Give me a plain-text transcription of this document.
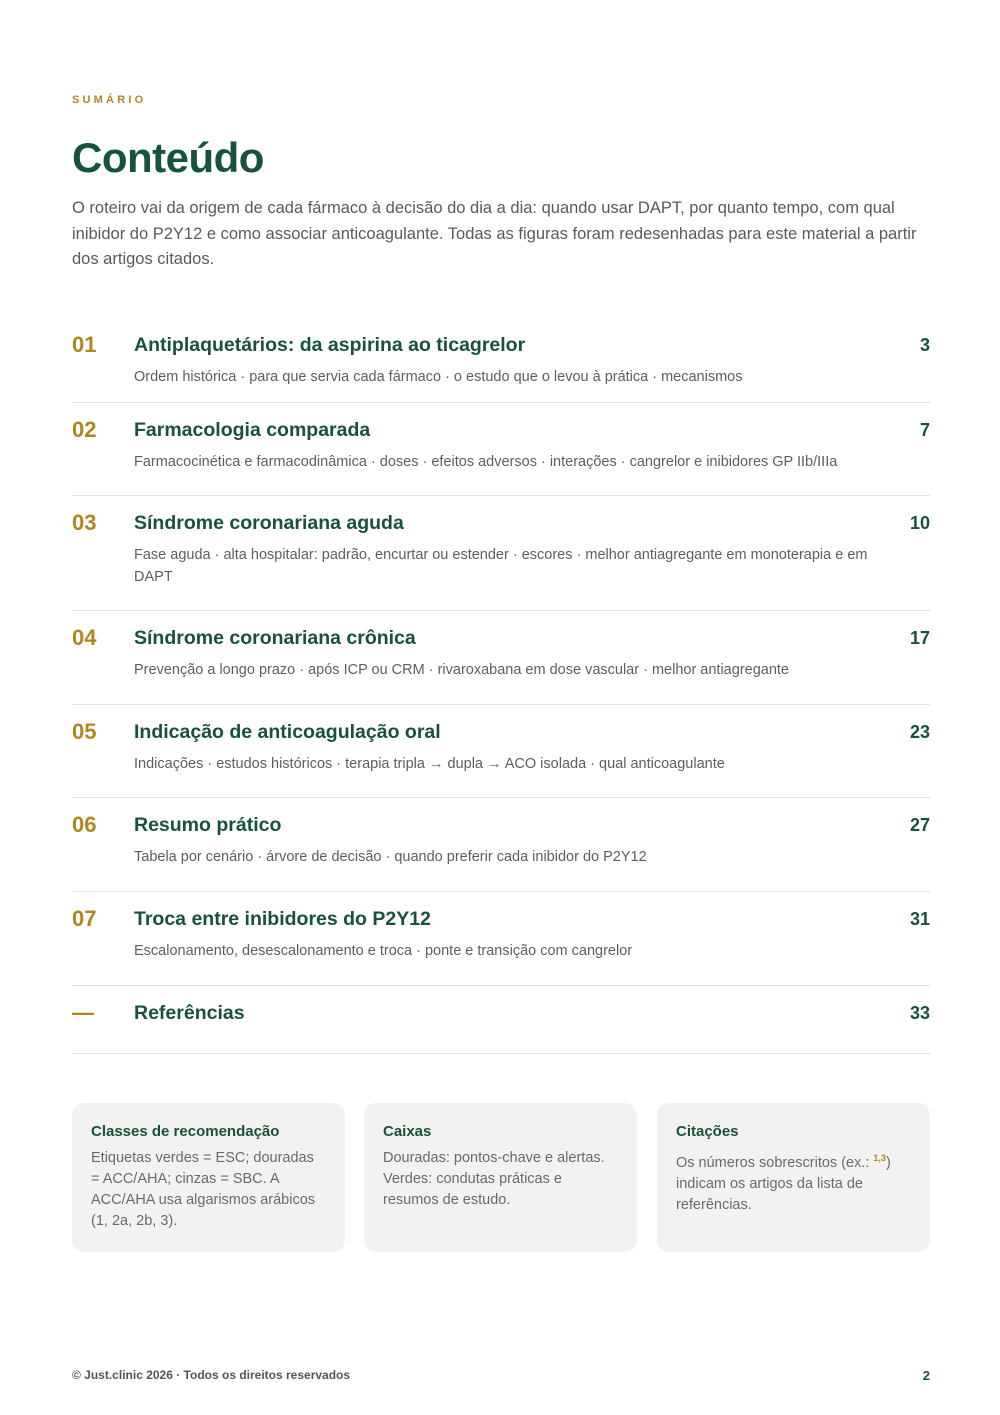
SUMÁRIO
Conteúdo

O roteiro vai da origem de cada fármaco à decisão do dia a dia: quando usar DAPT, por quanto tempo, com qual inibidor do P2Y12 e como associar anticoagulante. Todas as figuras foram redesenhadas para este material a partir dos artigos citados.

01 Antiplaquetários: da aspirina ao ticagrelor
Ordem histórica · para que servia cada fármaco · o estudo que o levou à prática · mecanismos
3
02 Farmacologia comparada
Farmacocinética e farmacodinâmica · doses · efeitos adversos · interações · cangrelor e inibidores GP IIb/IIIa
7
03 Síndrome coronariana aguda
Fase aguda · alta hospitalar: padrão, encurtar ou estender · escores · melhor antiagregante em monoterapia e em DAPT
10
04 Síndrome coronariana crônica
Prevenção a longo prazo · após ICP ou CRM · rivaroxabana em dose vascular · melhor antiagregante
17
05 Indicação de anticoagulação oral
Indicações · estudos históricos · terapia tripla → dupla → ACO isolada · qual anticoagulante
23
06 Resumo prático
Tabela por cenário · árvore de decisão · quando preferir cada inibidor do P2Y12
27
07 Troca entre inibidores do P2Y12
Escalonamento, desescalonamento e troca · ponte e transição com cangrelor
31
— Referências	33
Classes de recomendação
Etiquetas verdes = ESC; douradas = ACC/AHA; cinzas = SBC. A ACC/AHA usa algarismos arábicos (1, 2a, 2b, 3).
Caixas
Douradas: pontos-chave e alertas. Verdes: condutas práticas e resumos de estudo.
Citações
Os números sobrescritos (ex.: $^{1,3}$) indicam os artigos da lista de referências.
© Just.clinic 2026 · Todos os direitos reservados	2
